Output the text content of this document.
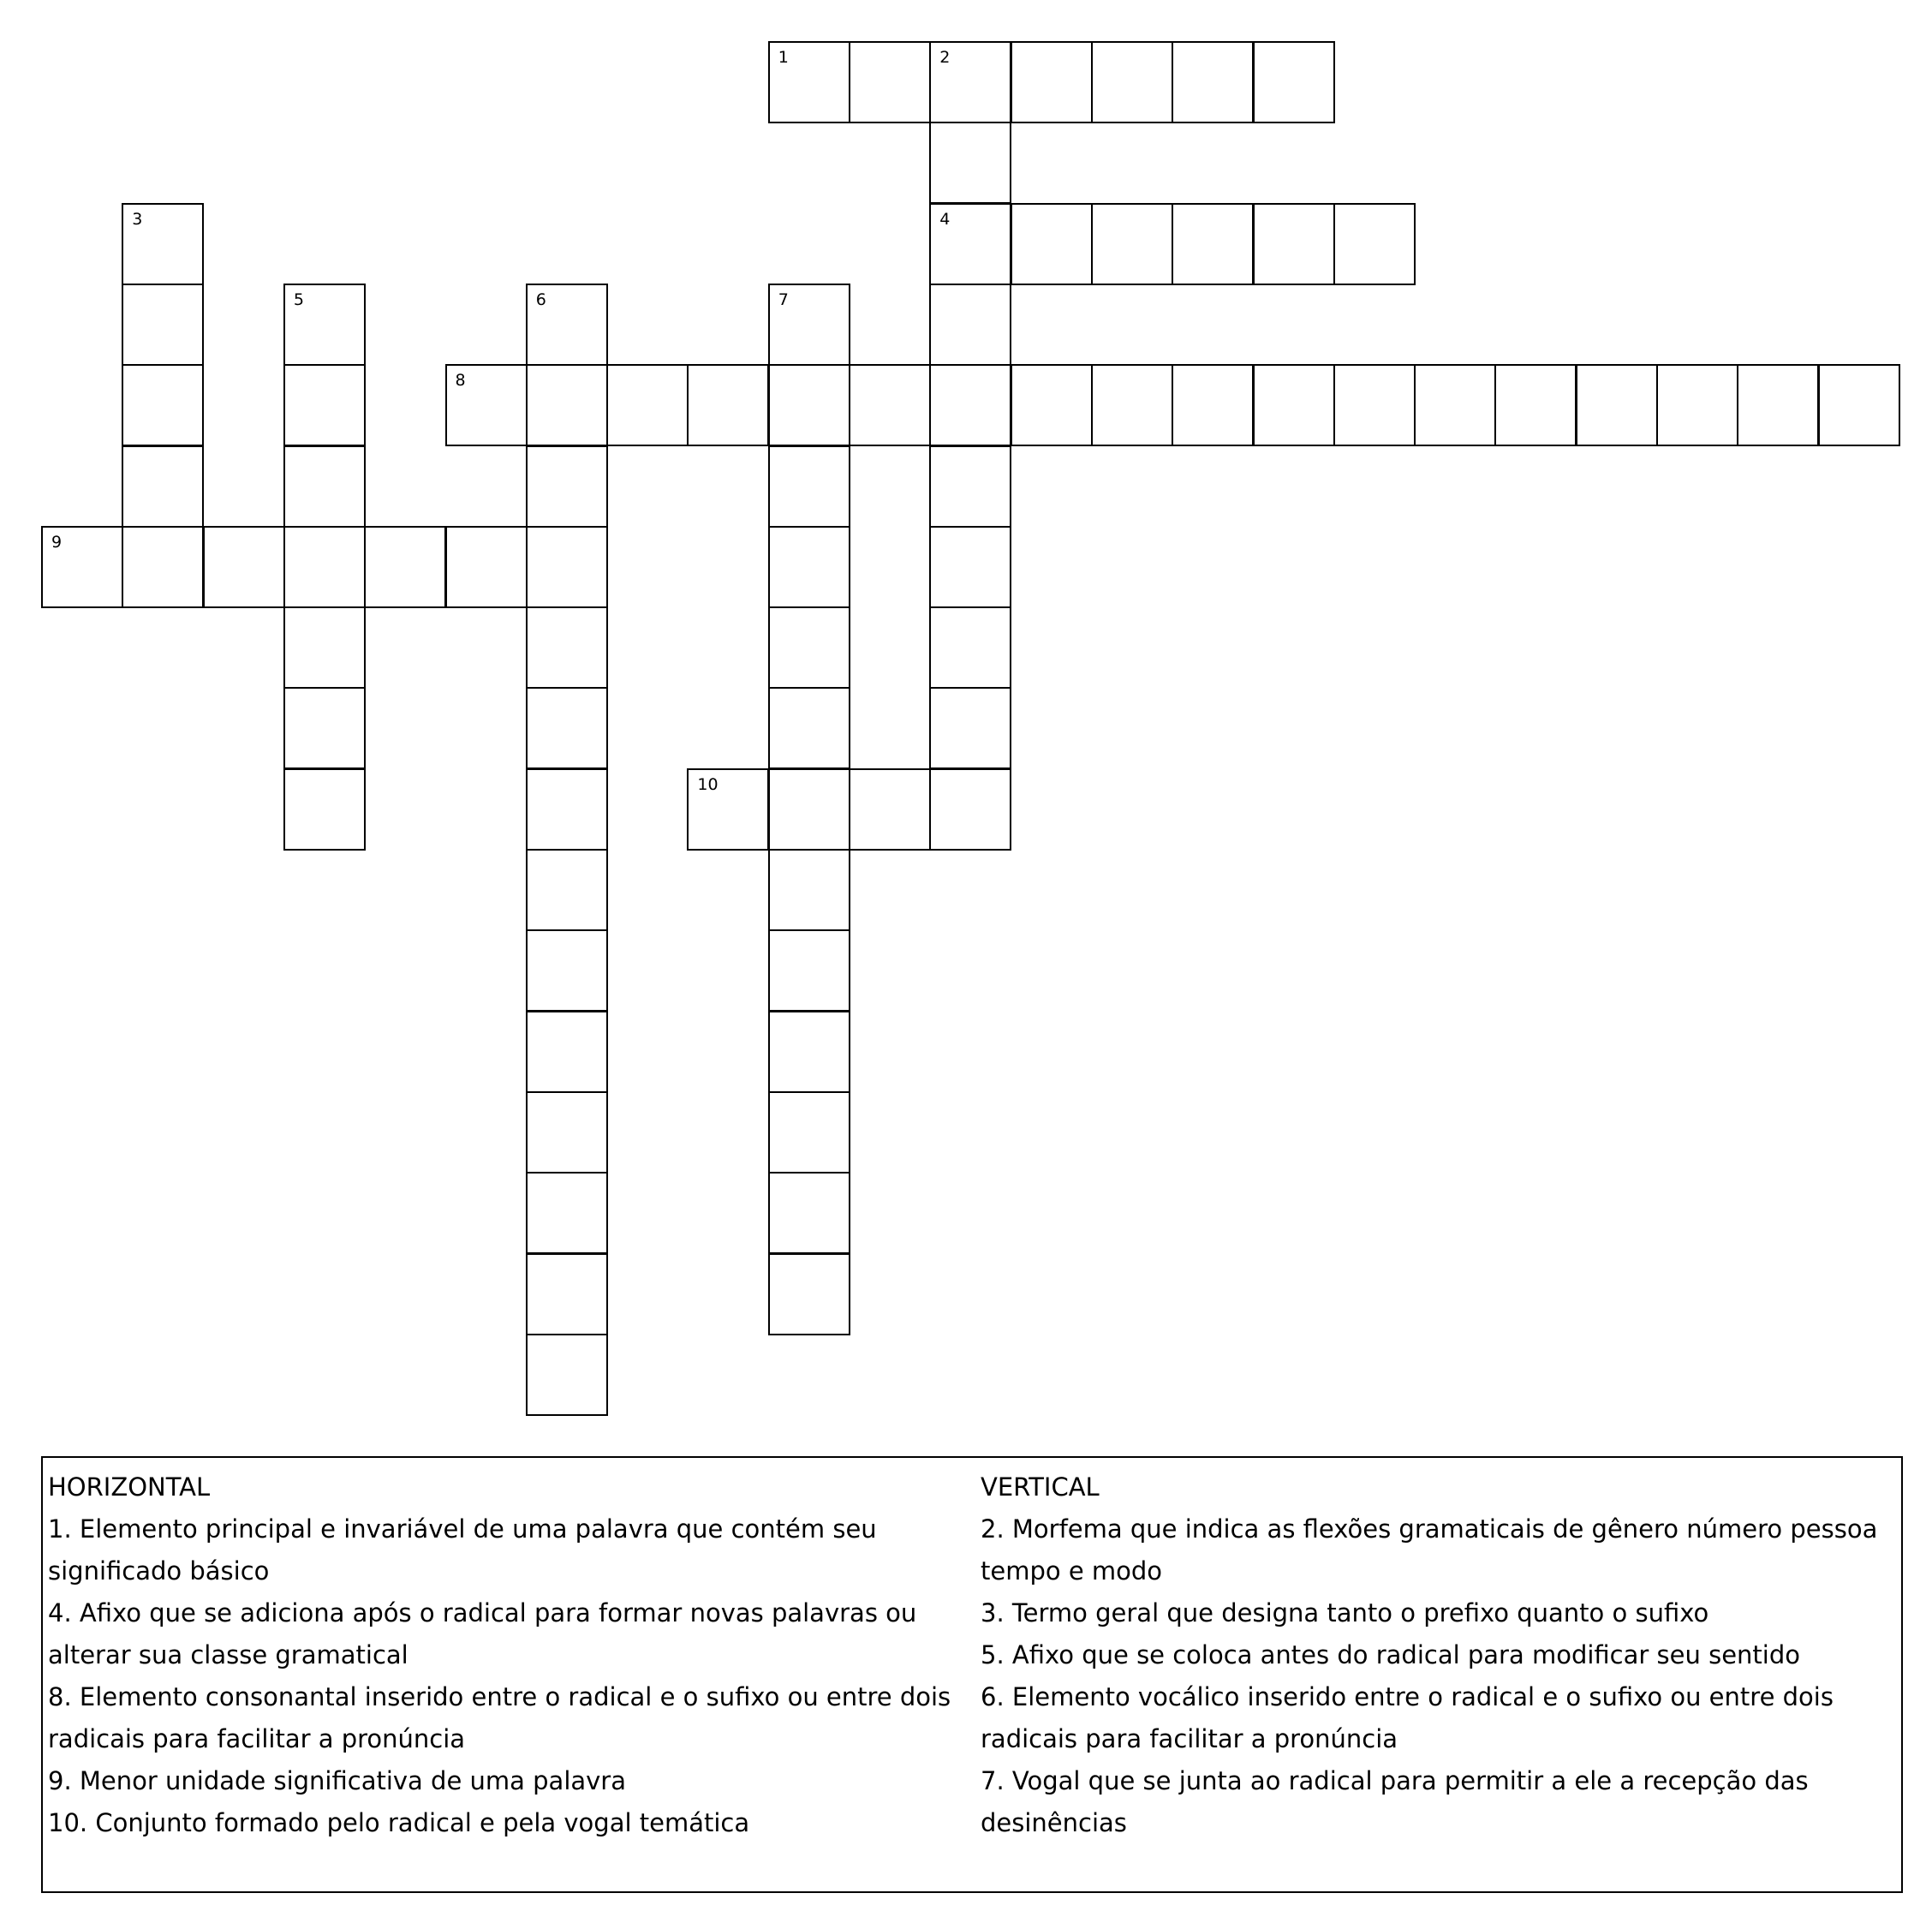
1	2
4
3
5	6	7
8
9
10

HORIZONTAL

1. Elemento principal e invariável de uma palavra que contém seu significado básico

4. Afixo que se adiciona após o radical para formar novas palavras ou alterar sua classe gramatical

8. Elemento consonantal inserido entre o radical e o sufixo ou entre dois radicais para facilitar a pronúncia

9. Menor unidade significativa de uma palavra

10. Conjunto formado pelo radical e pela vogal temática

VERTICAL

2. Morfema que indica as flexões gramaticais de gênero número pessoa tempo e modo

3. Termo geral que designa tanto o prefixo quanto o sufixo

5. Afixo que se coloca antes do radical para modificar seu sentido

6. Elemento vocálico inserido entre o radical e o sufixo ou entre dois radicais para facilitar a pronúncia

7. Vogal que se junta ao radical para permitir a ele a recepção das desinências
